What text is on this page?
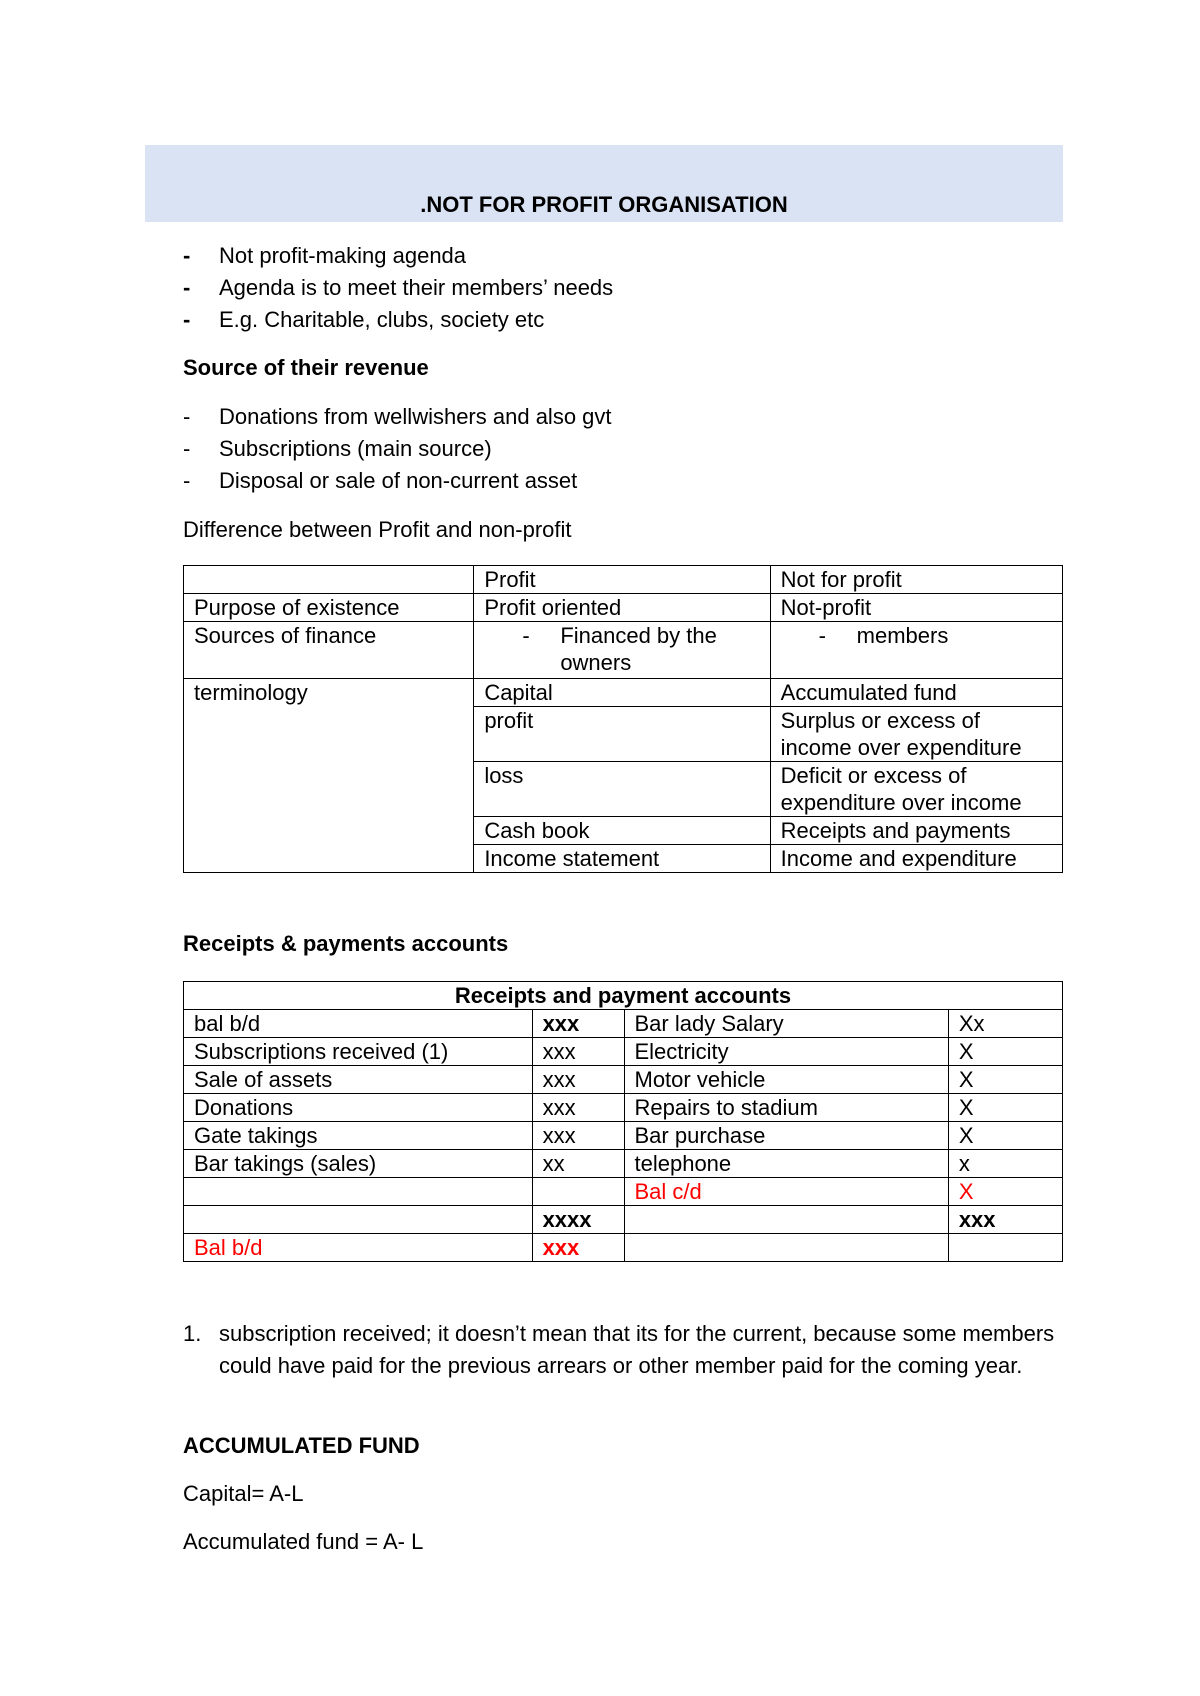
.NOT FOR PROFIT ORGANISATION
- Not profit-making agenda
- Agenda is to meet their members’ needs
- E.g. Charitable, clubs, society etc
Source of their revenue
- Donations from wellwishers and also gvt
- Subscriptions (main source)
- Disposal or sale of non-current asset
Difference between Profit and non-profit
	Profit	Not for profit
Purpose of existence	Profit oriented	Not-profit
Sources of finance	- Financed by the owners	- members

terminology	Capital	Accumulated fund
	profit	Surplus or excess of income over expenditure
	loss	Deficit or excess of expenditure over income
	Cash book	Receipts and payments
	Income statement	Income and expenditure
Receipts & payments accounts
Receipts and payment accounts			
bal b/d	xxx	Bar lady Salary	Xx
Subscriptions received (1)	xxx	Electricity	X
Sale of assets	xxx	Motor vehicle	X
Donations	xxx	Repairs to stadium	X
Gate takings	xxx	Bar purchase	X
Bar takings (sales)	xx	telephone	x
		Bal c/d	X
	xxxx		xxx
Bal b/d	xxx		
1. subscription received; it doesn’t mean that its for the current, because some members could have paid for the previous arrears or other member paid for the coming year.
ACCUMULATED FUND
Capital= A-L
Accumulated fund = A- L
